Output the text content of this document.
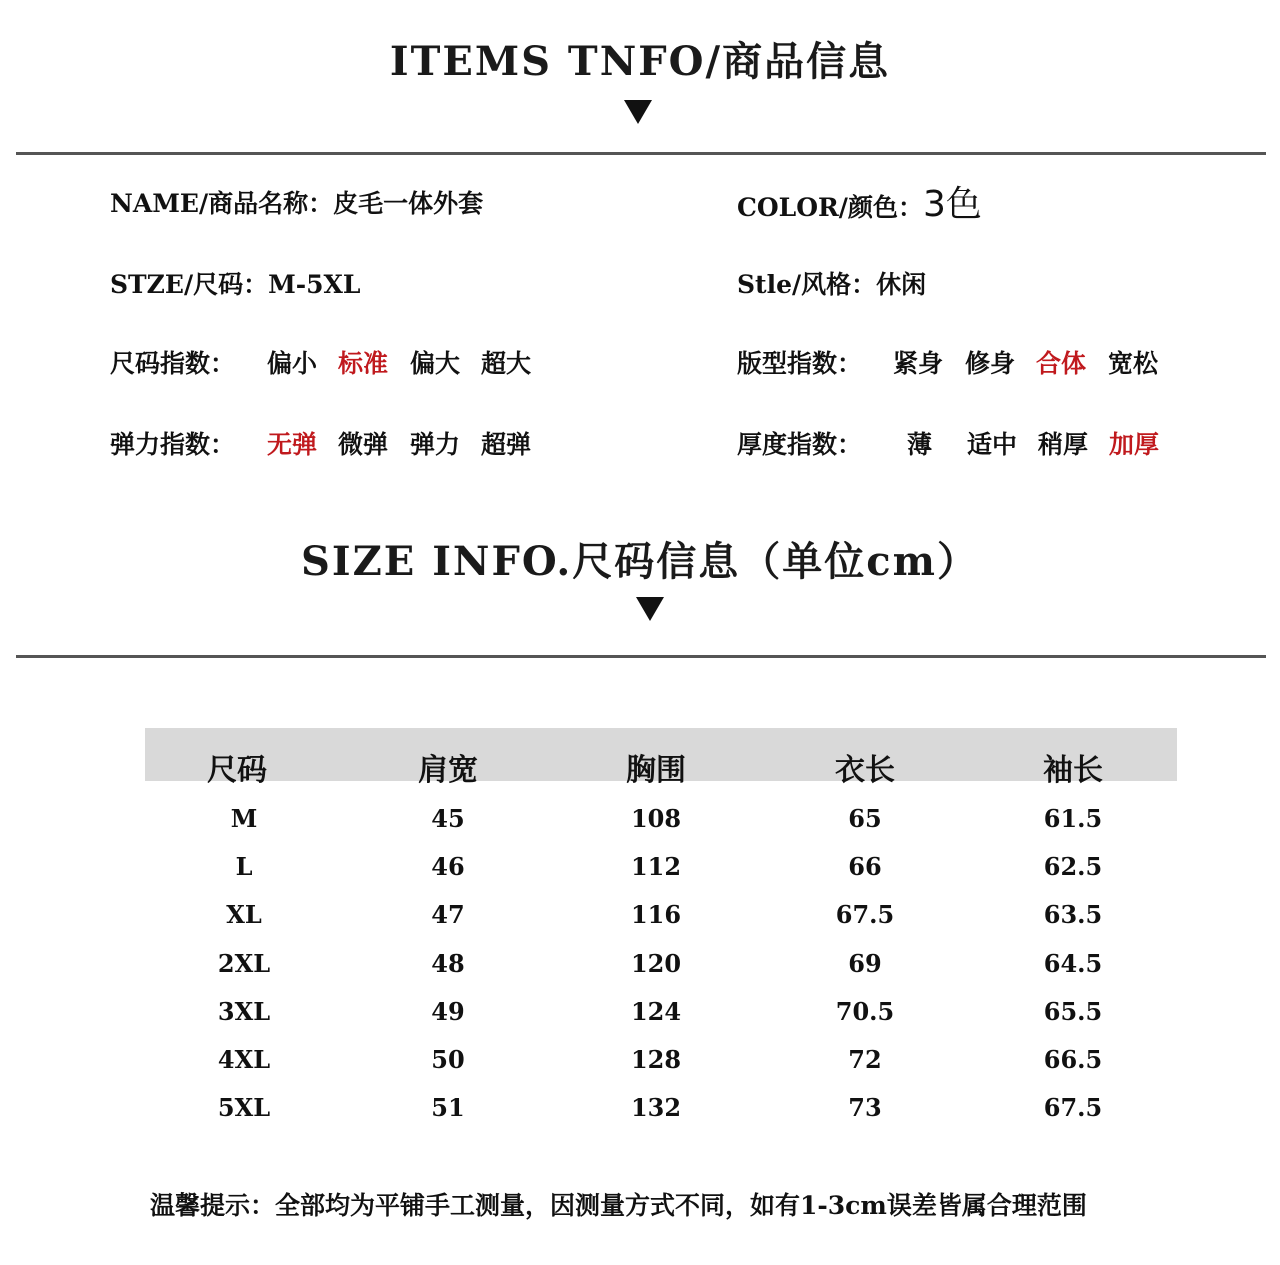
ITEMS TNFO/商品信息
NAME/商品名称：皮毛一体外套	COLOR/颜色：3色
STZE/尺码：M-5XL	Stle/风格：休闲
尺码指数： 偏小 标准 偏大 超大	版型指数： 紧身 修身 合体 宽松
弹力指数： 无弹 微弹 弹力 超弹	厚度指数： 薄 适中 稍厚 加厚
SIZE INFO.尺码信息（单位cm）
尺码	肩宽	胸围	衣长	袖长
M	45	108	65	61.5
L	46	112	66	62.5
XL	47	116	67.5	63.5
2XL	48	120	69	64.5
3XL	49	124	70.5	65.5
4XL	50	128	72	66.5
5XL	51	132	73	67.5
温馨提示：全部均为平铺手工测量，因测量方式不同，如有1-3cm误差皆属合理范围
